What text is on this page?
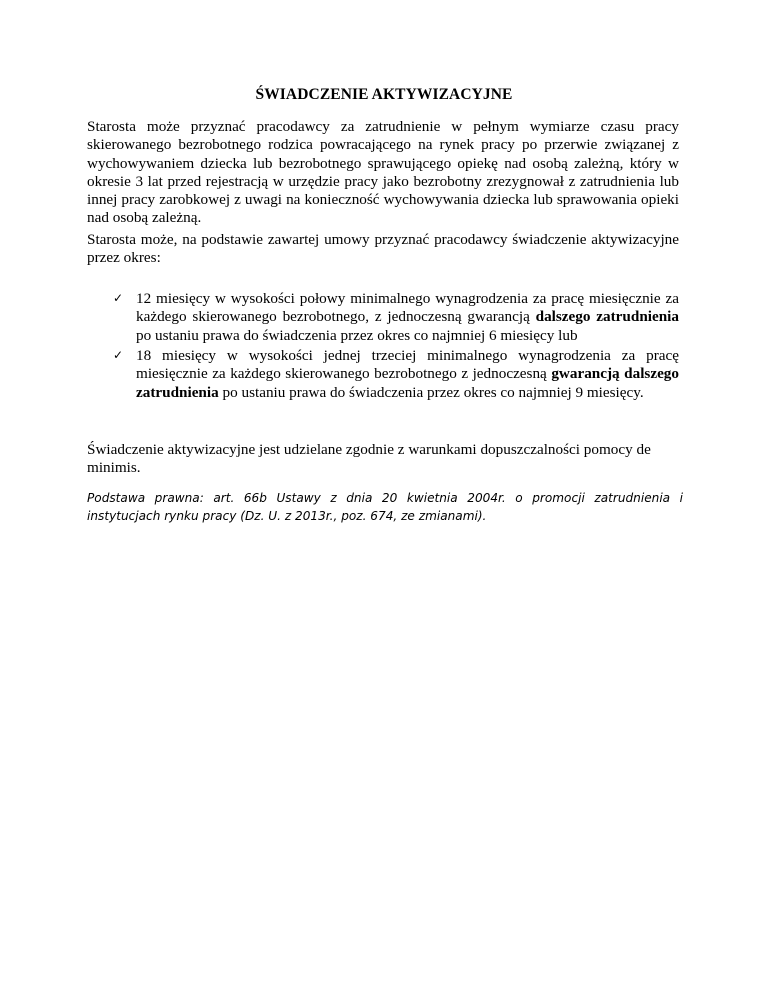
ŚWIADCZENIE AKTYWIZACYJNE

Starosta może przyznać pracodawcy za zatrudnienie w pełnym wymiarze czasu pracy skierowanego bezrobotnego rodzica powracającego na rynek pracy po przerwie związanej z wychowywaniem dziecka lub bezrobotnego sprawującego opiekę nad osobą zależną, który w okresie 3 lat przed rejestracją w urzędzie pracy jako bezrobotny zrezygnował z zatrudnienia lub innej pracy zarobkowej z uwagi na konieczność wychowywania dziecka lub sprawowania opieki nad osobą zależną.

Starosta może, na podstawie zawartej umowy przyznać pracodawcy świadczenie aktywizacyjne przez okres:

✓ 12 miesięcy w wysokości połowy minimalnego wynagrodzenia za pracę miesięcznie za każdego skierowanego bezrobotnego, z jednoczesną gwarancją dalszego zatrudnienia po ustaniu prawa do świadczenia przez okres co najmniej 6 miesięcy lub

✓ 18 miesięcy w wysokości jednej trzeciej minimalnego wynagrodzenia za pracę miesięcznie za każdego skierowanego bezrobotnego z jednoczesną gwarancją dalszego zatrudnienia po ustaniu prawa do świadczenia przez okres co najmniej 9 miesięcy.

Świadczenie aktywizacyjne jest udzielane zgodnie z warunkami dopuszczalności pomocy de minimis.

Podstawa prawna: art. 66b Ustawy z dnia 20 kwietnia 2004r. o promocji zatrudnienia i instytucjach rynku pracy (Dz. U. z 2013r., poz. 674, ze zmianami).
